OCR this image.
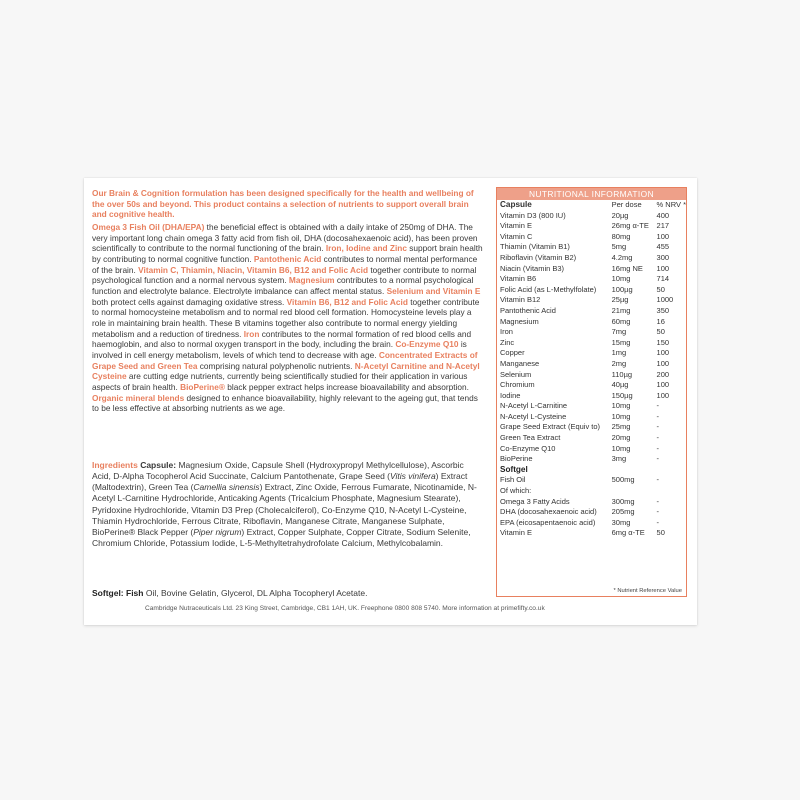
Our Brain & Cognition formulation has been designed specifically for the health and wellbeing of the over 50s and beyond. This product contains a selection of nutrients to support overall brain and cognitive health.

Omega 3 Fish Oil (DHA/EPA) the beneficial effect is obtained with a daily intake of 250mg of DHA. The very important long chain omega 3 fatty acid from fish oil, DHA (docosahexaenoic acid), has been proven scientifically to contribute to the normal functioning of the brain. Iron, Iodine and Zinc support brain health by contributing to normal cognitive function. Pantothenic Acid contributes to normal mental performance of the brain. Vitamin C, Thiamin, Niacin, Vitamin B6, B12 and Folic Acid together contribute to normal psychological function and a normal nervous system. Magnesium contributes to a normal psychological function and electrolyte balance. Electrolyte imbalance can affect mental status. Selenium and Vitamin E both protect cells against damaging oxidative stress. Vitamin B6, B12 and Folic Acid together contribute to normal homocysteine metabolism and to normal red blood cell formation. Homocysteine levels play a role in maintaining brain health. These B vitamins together also contribute to normal energy yielding metabolism and a reduction of tiredness. Iron contributes to the normal formation of red blood cells and haemoglobin, and also to normal oxygen transport in the body, including the brain. Co-Enzyme Q10 is involved in cell energy metabolism, levels of which tend to decrease with age. Concentrated Extracts of Grape Seed and Green Tea comprising natural polyphenolic nutrients. N-Acetyl Carnitine and N-Acetyl Cysteine are cutting edge nutrients, currently being scientifically studied for their application in various aspects of brain health. BioPerine® black pepper extract helps increase bioavailability and absorption. Organic mineral blends designed to enhance bioavailability, highly relevant to the ageing gut, that tends to be less effective at absorbing nutrients as we age.

Ingredients Capsule: Magnesium Oxide, Capsule Shell (Hydroxypropyl Methylcellulose), Ascorbic Acid, D-Alpha Tocopherol Acid Succinate, Calcium Pantothenate, Grape Seed (Vitis vinifera) Extract (Maltodextrin), Green Tea (Camellia sinensis) Extract, Zinc Oxide, Ferrous Fumarate, Nicotinamide, N-Acetyl L-Carnitine Hydrochloride, Anticaking Agents (Tricalcium Phosphate, Magnesium Stearate), Pyridoxine Hydrochloride, Vitamin D3 Prep (Cholecalciferol), Co-Enzyme Q10, N-Acetyl L-Cysteine, Thiamin Hydrochloride, Ferrous Citrate, Riboflavin, Manganese Citrate, Manganese Sulphate, BioPerine® Black Pepper (Piper nigrum) Extract, Copper Sulphate, Copper Citrate, Sodium Selenite, Chromium Chloride, Potassium Iodide, L-5-Methyltetrahydrofolate Calcium, Methylcobalamin.

Softgel: Fish Oil, Bovine Gelatin, Glycerol, DL Alpha Tocopheryl Acetate.

Cambridge Nutraceuticals Ltd. 23 King Street, Cambridge, CB1 1AH, UK. Freephone 0800 808 5740. More information at primefifty.co.uk
NUTRITIONAL INFORMATION
Capsule	Per dose	% NRV *
Vitamin D3 (800 IU)	20µg	400
Vitamin E	26mg α-TE	217
Vitamin C	80mg	100
Thiamin (Vitamin B1)	5mg	455
Riboflavin (Vitamin B2)	4.2mg	300
Niacin (Vitamin B3)	16mg NE	100
Vitamin B6	10mg	714
Folic Acid (as L-Methylfolate)	100µg	50
Vitamin B12	25µg	1000
Pantothenic Acid	21mg	350
Magnesium	60mg	16
Iron	7mg	50
Zinc	15mg	150
Copper	1mg	100
Manganese	2mg	100
Selenium	110µg	200
Chromium	40µg	100
Iodine	150µg	100
N-Acetyl L-Carnitine	10mg	-
N-Acetyl L-Cysteine	10mg	-
Grape Seed Extract (Equiv to)	25mg	-
Green Tea Extract	20mg	-
Co-Enzyme Q10	10mg	-
BioPerine	3mg	-
Softgel		
Fish Oil	500mg	-
Of which:		
Omega 3 Fatty Acids	300mg	-
DHA (docosahexaenoic acid)	205mg	-
EPA (eicosapentaenoic acid)	30mg	-
Vitamin E	6mg α-TE	50
* Nutrient Reference Value
